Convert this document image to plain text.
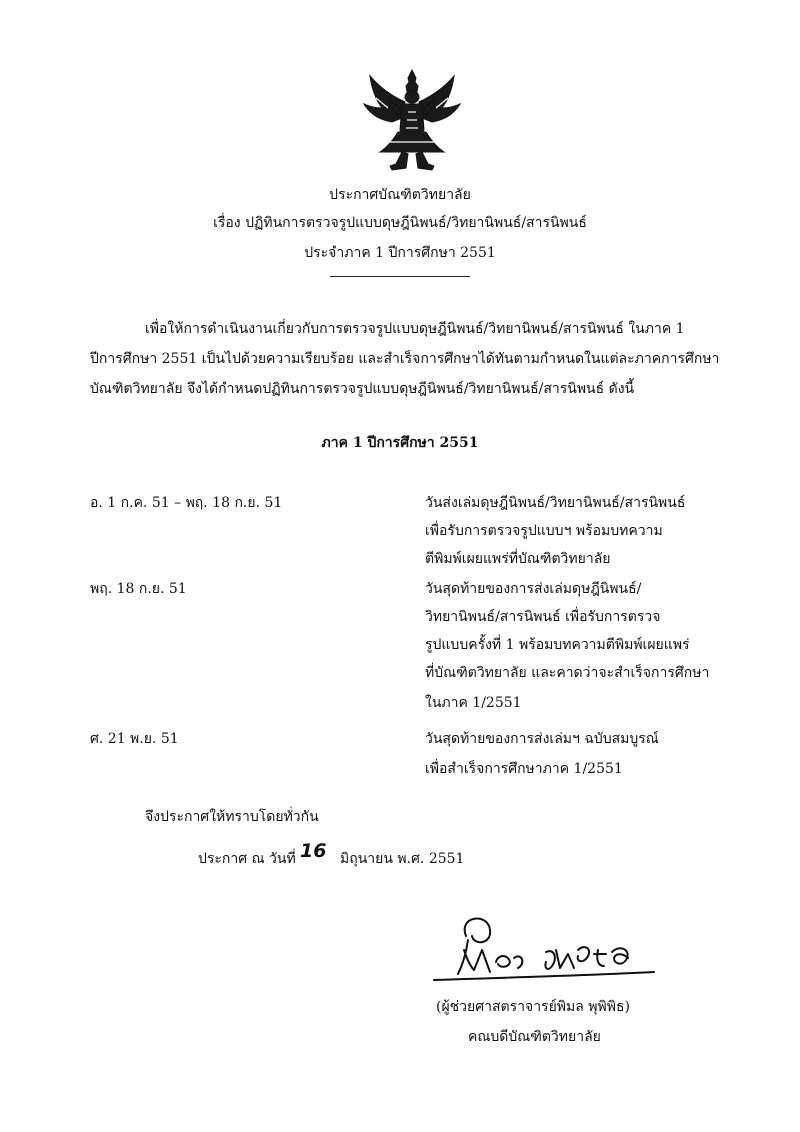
ประกาศบัณฑิตวิทยาลัย
เรื่อง ปฏิทินการตรวจรูปแบบดุษฎีนิพนธ์/วิทยานิพนธ์/สารนิพนธ์
ประจำภาค 1 ปีการศึกษา 2551
เพื่อให้การดำเนินงานเกี่ยวกับการตรวจรูปแบบดุษฎีนิพนธ์/วิทยานิพนธ์/สารนิพนธ์ ในภาค 1
ปีการศึกษา 2551 เป็นไปด้วยความเรียบร้อย และสำเร็จการศึกษาได้ทันตามกำหนดในแต่ละภาคการศึกษา
บัณฑิตวิทยาลัย จึงได้กำหนดปฏิทินการตรวจรูปแบบดุษฎีนิพนธ์/วิทยานิพนธ์/สารนิพนธ์ ดังนี้
ภาค 1 ปีการศึกษา 2551
อ. 1 ก.ค. 51 – พฤ. 18 ก.ย. 51	วันส่งเล่มดุษฎีนิพนธ์/วิทยานิพนธ์/สารนิพนธ์
เพื่อรับการตรวจรูปแบบฯ พร้อมบทความ
ตีพิมพ์เผยแพร่ที่บัณฑิตวิทยาลัย
พฤ. 18 ก.ย. 51	วันสุดท้ายของการส่งเล่มดุษฎีนิพนธ์/
วิทยานิพนธ์/สารนิพนธ์ เพื่อรับการตรวจ
รูปแบบครั้งที่ 1 พร้อมบทความตีพิมพ์เผยแพร่
ที่บัณฑิตวิทยาลัย และคาดว่าจะสำเร็จการศึกษา
ในภาค 1/2551
ศ. 21 พ.ย. 51	วันสุดท้ายของการส่งเล่มฯ ฉบับสมบูรณ์
เพื่อสำเร็จการศึกษาภาค 1/2551
จึงประกาศให้ทราบโดยทั่วกัน
ประกาศ ณ วันที่ 16 มิถุนายน พ.ศ. 2551
(ผู้ช่วยศาสตราจารย์พิมล พุพิพิธ)
คณบดีบัณฑิตวิทยาลัย
